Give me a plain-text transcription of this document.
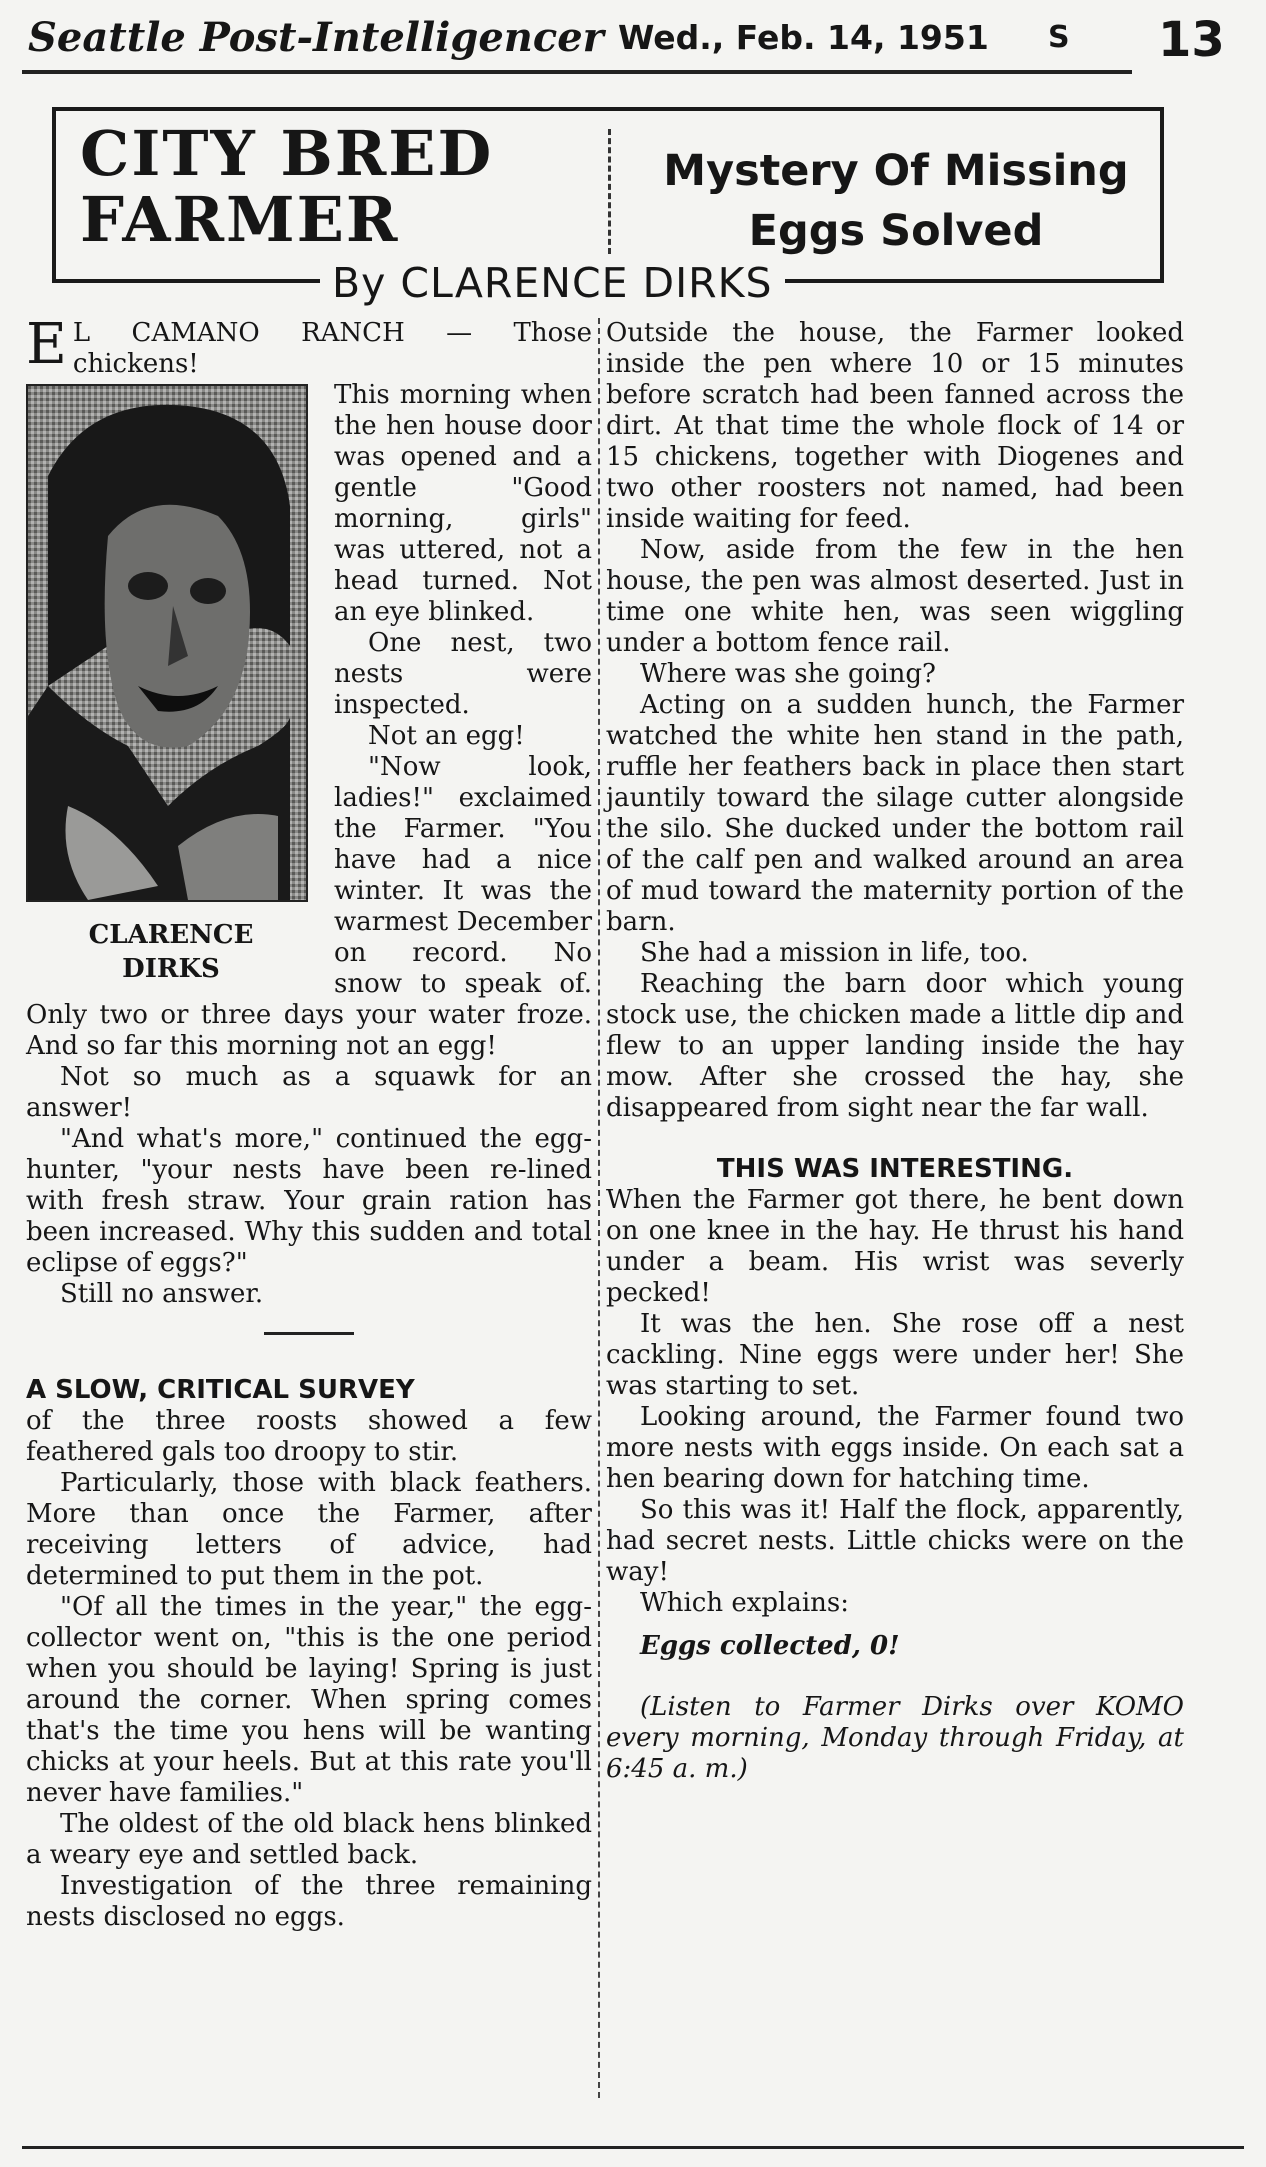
Seattle Post-Intelligencer Wed., Feb. 14, 1951 S 13
CITY BRED
FARMER
Mystery Of Missing
Eggs Solved
By CLARENCE DIRKS

E L CAMANO RANCH — Those chickens!

CLARENCE
DIRKS

This morning when the hen house door was opened and a gentle "Good morning, girls" was uttered, not a head turned. Not an eye blinked.

One nest, two nests were inspected.

Not an egg!

"Now look, ladies!" exclaimed the Farmer. "You have had a nice winter. It was the warmest December on record. No snow to speak of. Only two or three days your water froze. And so far this morning not an egg!

Not so much as a squawk for an answer!

"And what's more," continued the egg-hunter, "your nests have been re-lined with fresh straw. Your grain ration has been increased. Why this sudden and total eclipse of eggs?"

Still no answer.

A SLOW, CRITICAL SURVEY

of the three roosts showed a few feathered gals too droopy to stir.

Particularly, those with black feathers. More than once the Farmer, after receiving letters of advice, had determined to put them in the pot.

"Of all the times in the year," the egg-collector went on, "this is the one period when you should be laying! Spring is just around the corner. When spring comes that's the time you hens will be wanting chicks at your heels. But at this rate you'll never have families."

The oldest of the old black hens blinked a weary eye and settled back.

Investigation of the three remaining nests disclosed no eggs.

Outside the house, the Farmer looked inside the pen where 10 or 15 minutes before scratch had been fanned across the dirt. At that time the whole flock of 14 or 15 chickens, together with Diogenes and two other roosters not named, had been inside waiting for feed.

Now, aside from the few in the hen house, the pen was almost deserted. Just in time one white hen, was seen wiggling under a bottom fence rail.

Where was she going?

Acting on a sudden hunch, the Farmer watched the white hen stand in the path, ruffle her feathers back in place then start jauntily toward the silage cutter alongside the silo. She ducked under the bottom rail of the calf pen and walked around an area of mud toward the maternity portion of the barn.

She had a mission in life, too.

Reaching the barn door which young stock use, the chicken made a little dip and flew to an upper landing inside the hay mow. After she crossed the hay, she disappeared from sight near the far wall.

THIS WAS INTERESTING.

When the Farmer got there, he bent down on one knee in the hay. He thrust his hand under a beam. His wrist was severly pecked!

It was the hen. She rose off a nest cackling. Nine eggs were under her! She was starting to set.

Looking around, the Farmer found two more nests with eggs inside. On each sat a hen bearing down for hatching time.

So this was it! Half the flock, apparently, had secret nests. Little chicks were on the way!

Which explains:

Eggs collected, 0!

(Listen to Farmer Dirks over KOMO every morning, Monday through Friday, at 6:45 a. m.)
